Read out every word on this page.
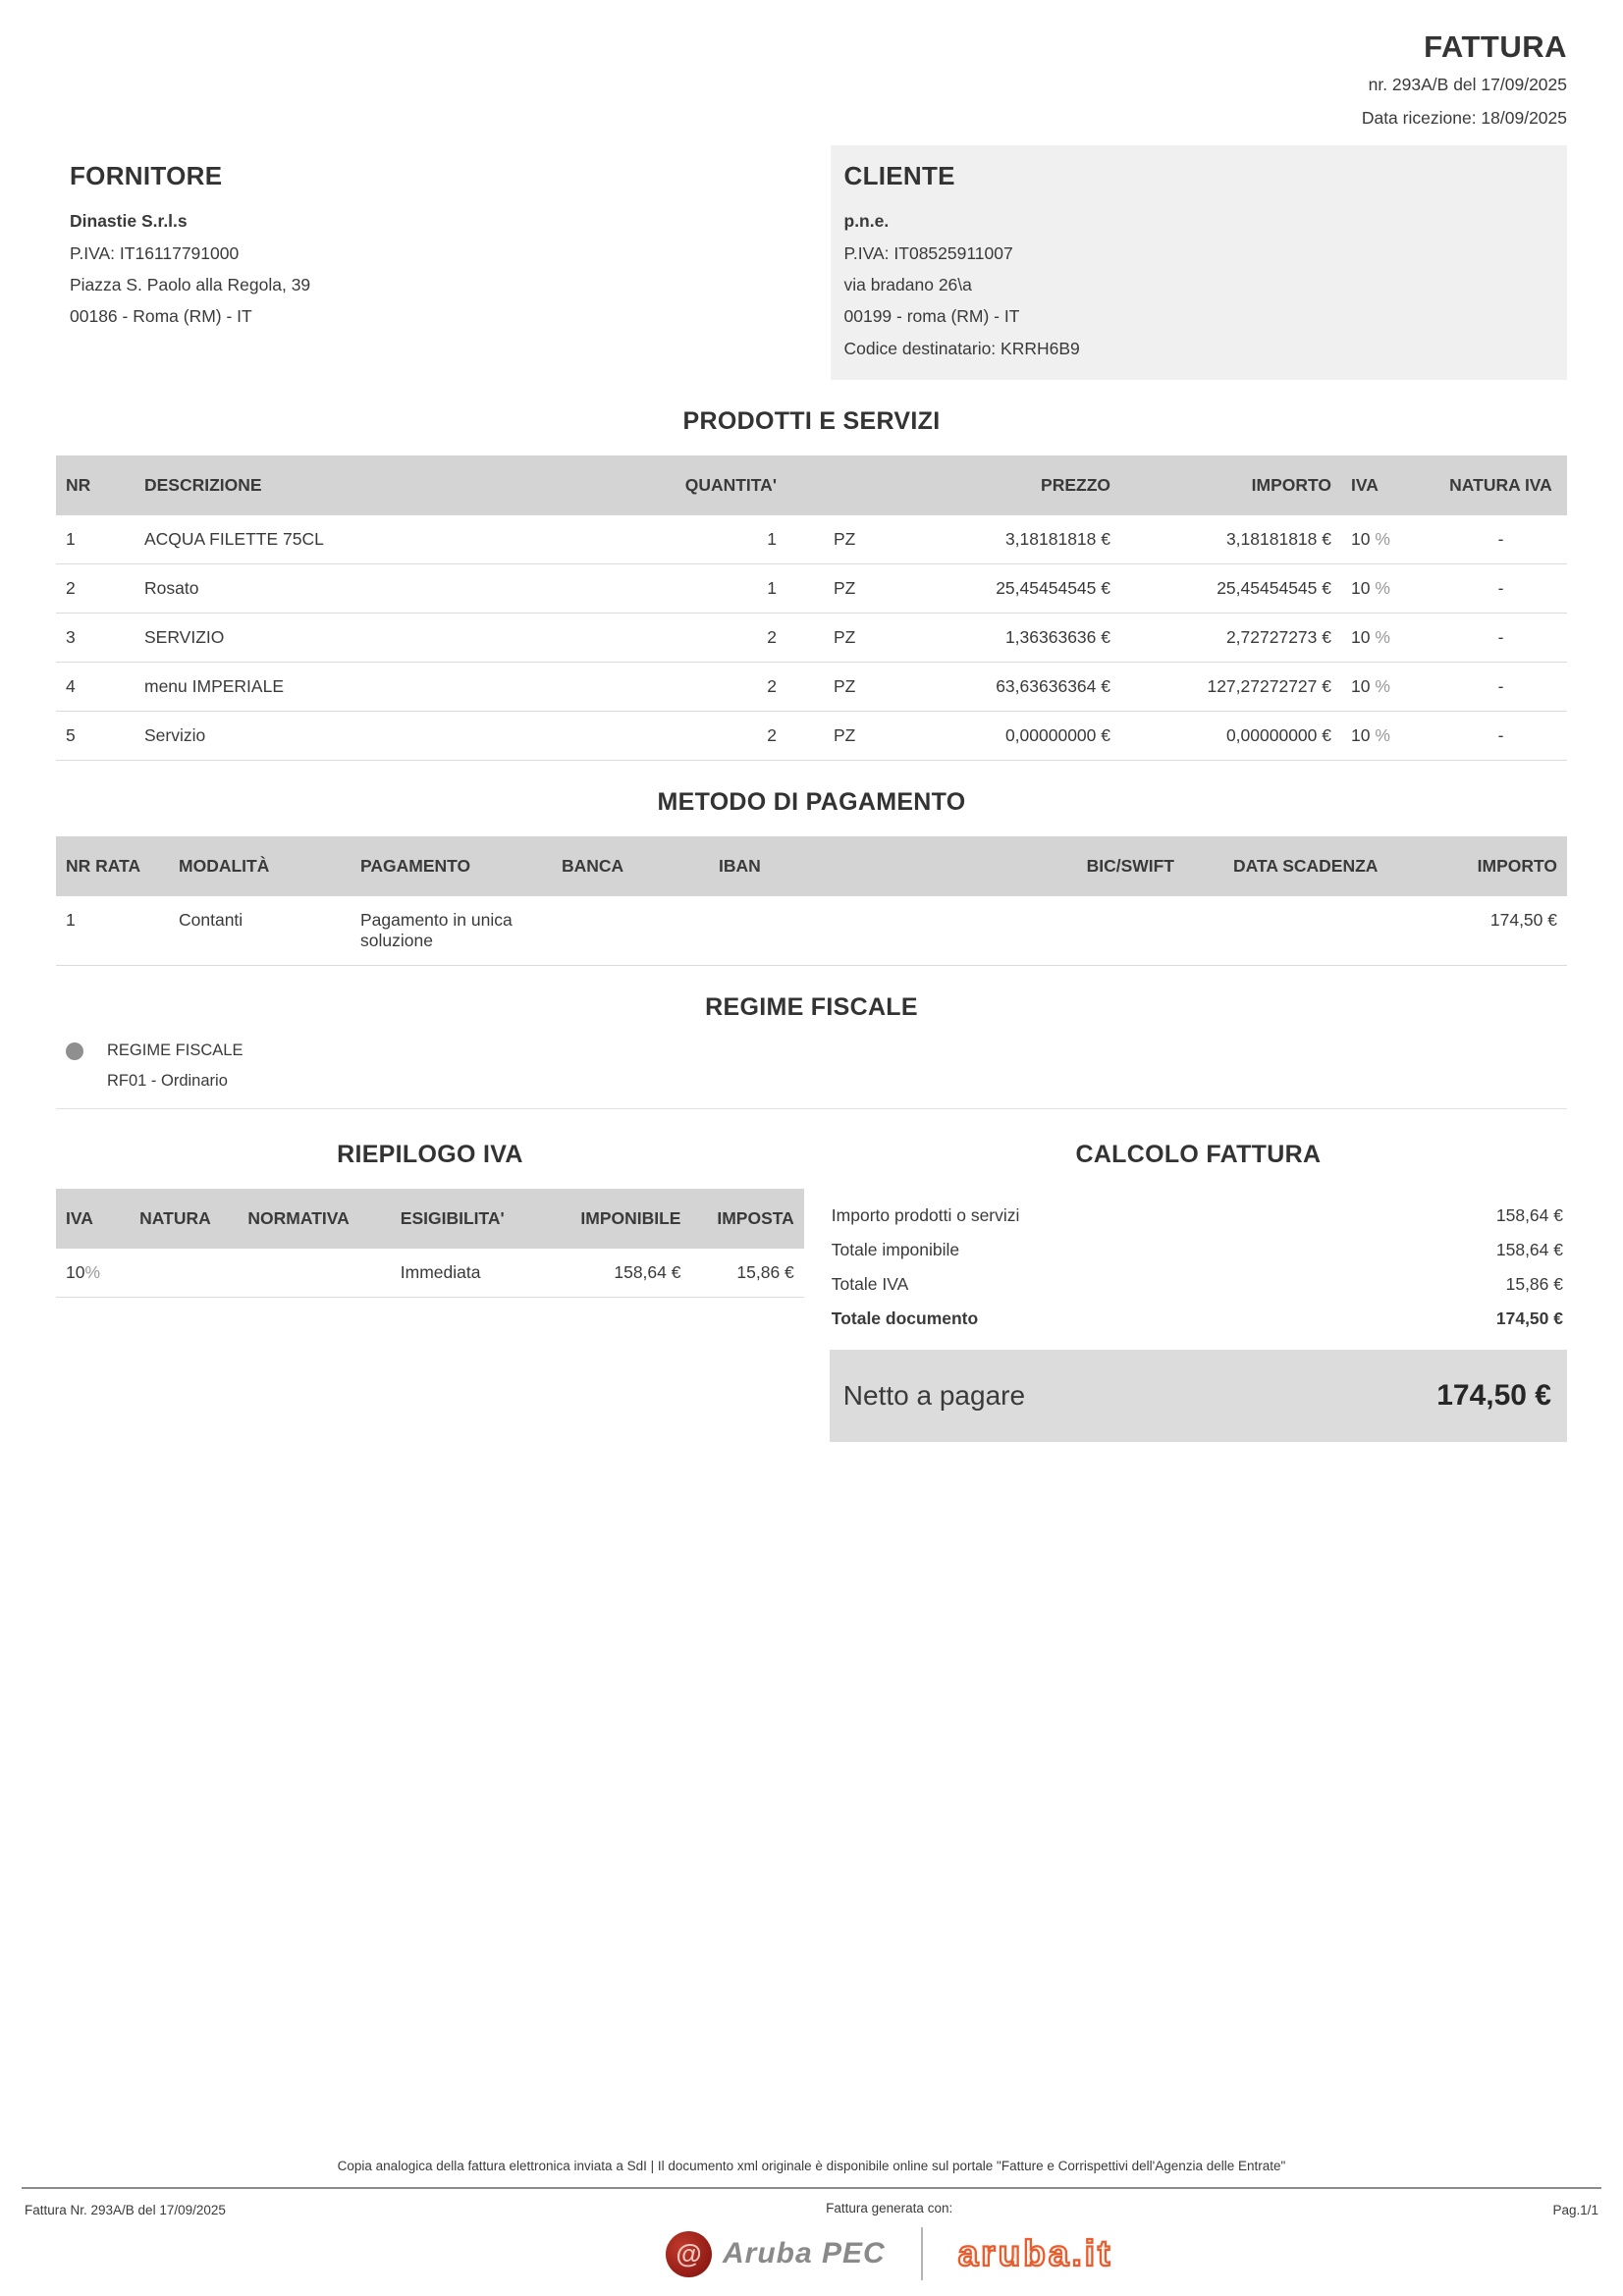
FATTURA
nr. 293A/B del 17/09/2025
Data ricezione: 18/09/2025
FORNITORE
Dinastie S.r.l.s
P.IVA: IT16117791000
Piazza S. Paolo alla Regola, 39
00186 - Roma (RM) - IT
CLIENTE
p.n.e.
P.IVA: IT08525911007
via bradano 26\a
00199 - roma (RM) - IT
Codice destinatario: KRRH6B9
PRODOTTI E SERVIZI
NR	DESCRIZIONE	QUANTITA'		PREZZO	IMPORTO	IVA	NATURA IVA
1	ACQUA FILETTE 75CL	1	PZ	3,18181818 €	3,18181818 €	10 %	-
2	Rosato	1	PZ	25,45454545 €	25,45454545 €	10 %	-
3	SERVIZIO	2	PZ	1,36363636 €	2,72727273 €	10 %	-
4	menu IMPERIALE	2	PZ	63,63636364 €	127,27272727 €	10 %	-
5	Servizio	2	PZ	0,00000000 €	0,00000000 €	10 %	-
METODO DI PAGAMENTO
NR RATA	MODALITÀ	PAGAMENTO	BANCA	IBAN	BIC/SWIFT		DATA SCADENZA	IMPORTO
1	Contanti	Pagamento in unica soluzione						174,50 €
REGIME FISCALE
REGIME FISCALE
RF01 - Ordinario
RIEPILOGO IVA
IVA	NATURA	NORMATIVA	ESIGIBILITA'	IMPONIBILE	IMPOSTA
10%			Immediata	158,64 €	15,86 €
CALCOLO FATTURA
Importo prodotti o servizi	158,64 €
Totale imponibile	158,64 €
Totale IVA	15,86 €
Totale documento	174,50 €
Netto a pagare	174,50 €
Copia analogica della fattura elettronica inviata a SdI | Il documento xml originale è disponibile online sul portale "Fatture e Corrispettivi dell'Agenzia delle Entrate"
Fattura Nr. 293A/B del 17/09/2025	Fattura generata con:
@ Aruba PEC aruba.it
Pag.1/1
